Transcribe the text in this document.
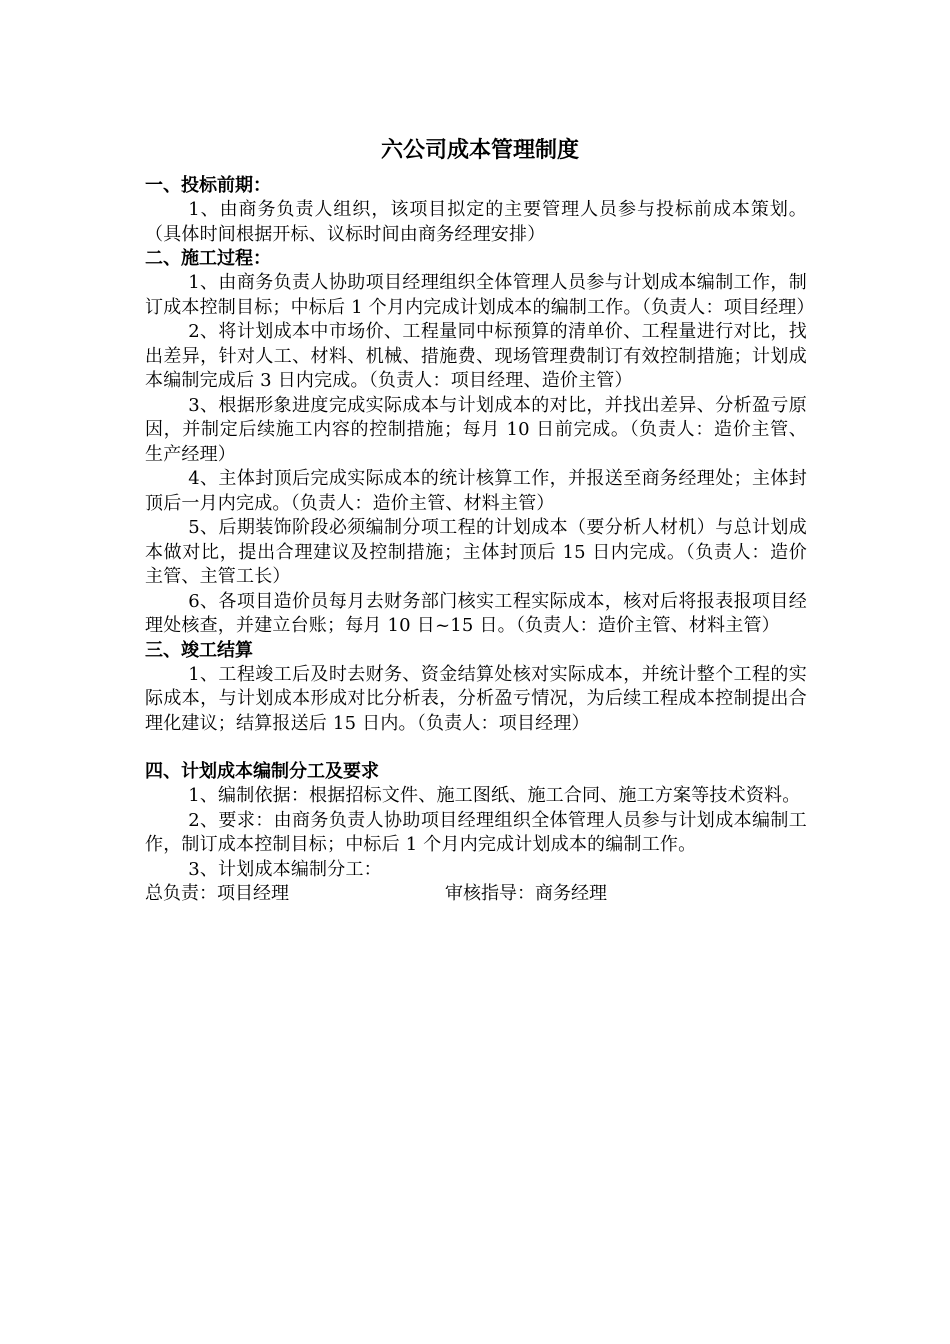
六公司成本管理制度

一、投标前期：

1、由商务负责人组织，该项目拟定的主要管理人员参与投标前成本策划。（具体时间根据开标、议标时间由商务经理安排）

二、施工过程：

1、由商务负责人协助项目经理组织全体管理人员参与计划成本编制工作，制订成本控制目标；中标后 1 个月内完成计划成本的编制工作。（负责人：项目经理）

2、将计划成本中市场价、工程量同中标预算的清单价、工程量进行对比，找出差异，针对人工、材料、机械、措施费、现场管理费制订有效控制措施；计划成本编制完成后 3 日内完成。（负责人：项目经理、造价主管）

3、根据形象进度完成实际成本与计划成本的对比，并找出差异、分析盈亏原因，并制定后续施工内容的控制措施；每月 10 日前完成。（负责人：造价主管、生产经理）

4、主体封顶后完成实际成本的统计核算工作，并报送至商务经理处；主体封顶后一月内完成。（负责人：造价主管、材料主管）

5、后期装饰阶段必须编制分项工程的计划成本（要分析人材机）与总计划成本做对比，提出合理建议及控制措施；主体封顶后 15 日内完成。（负责人：造价主管、主管工长）

6、各项目造价员每月去财务部门核实工程实际成本，核对后将报表报项目经理处核查，并建立台账；每月 10 日~15 日。（负责人：造价主管、材料主管）

三、竣工结算

1、工程竣工后及时去财务、资金结算处核对实际成本，并统计整个工程的实际成本，与计划成本形成对比分析表，分析盈亏情况，为后续工程成本控制提出合理化建议；结算报送后 15 日内。（负责人：项目经理）

四、计划成本编制分工及要求

1、编制依据：根据招标文件、施工图纸、施工合同、施工方案等技术资料。

2、要求：由商务负责人协助项目经理组织全体管理人员参与计划成本编制工作，制订成本控制目标；中标后 1 个月内完成计划成本的编制工作。

3、计划成本编制分工：

总负责：项目经理	审核指导：商务经理
